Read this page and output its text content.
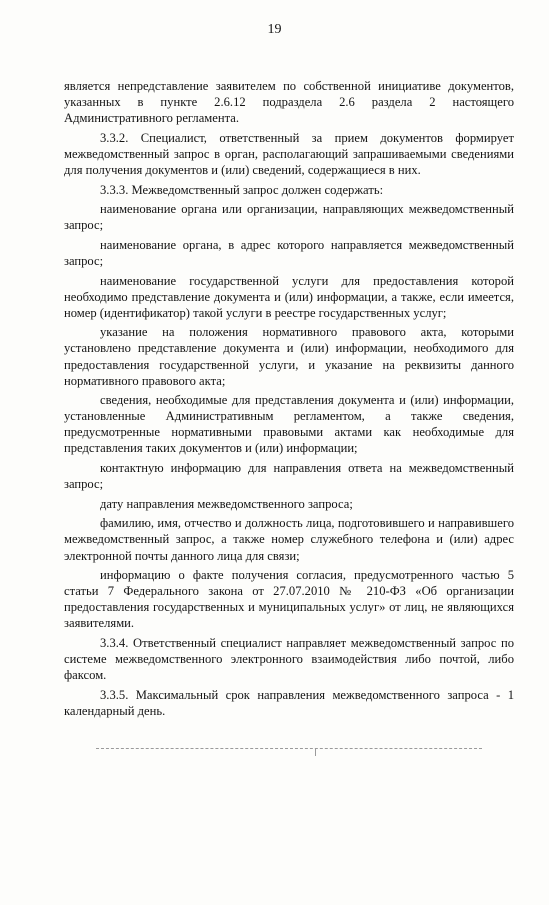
19

является непредставление заявителем по собственной инициативе документов, указанных в пункте 2.6.12 подраздела 2.6 раздела 2 настоящего Административного регламента.

3.3.2. Специалист, ответственный за прием документов формирует межведомственный запрос в орган, располагающий запрашиваемыми сведениями для получения документов и (или) сведений, содержащиеся в них.

3.3.3. Межведомственный запрос должен содержать:

наименование органа или организации, направляющих межведомственный запрос;

наименование органа, в адрес которого направляется межведомственный запрос;

наименование государственной услуги для предоставления которой необходимо представление документа и (или) информации, а также, если имеется, номер (идентификатор) такой услуги в реестре государственных услуг;

указание на положения нормативного правового акта, которыми установлено представление документа и (или) информации, необходимого для предоставления государственной услуги, и указание на реквизиты данного нормативного правового акта;

сведения, необходимые для представления документа и (или) информации, установленные Административным регламентом, а также сведения, предусмотренные нормативными правовыми актами как необходимые для представления таких документов и (или) информации;

контактную информацию для направления ответа на межведомственный запрос;

дату направления межведомственного запроса;

фамилию, имя, отчество и должность лица, подготовившего и направившего межведомственный запрос, а также номер служебного телефона и (или) адрес электронной почты данного лица для связи;

информацию о факте получения согласия, предусмотренного частью 5 статьи 7 Федерального закона от 27.07.2010 № 210-ФЗ «Об организации предоставления государственных и муниципальных услуг» от лиц, не являющихся заявителями.

3.3.4. Ответственный специалист направляет межведомственный запрос по системе межведомственного электронного взаимодействия либо почтой, либо факсом.

3.3.5. Максимальный срок направления межведомственного запроса - 1 календарный день.
